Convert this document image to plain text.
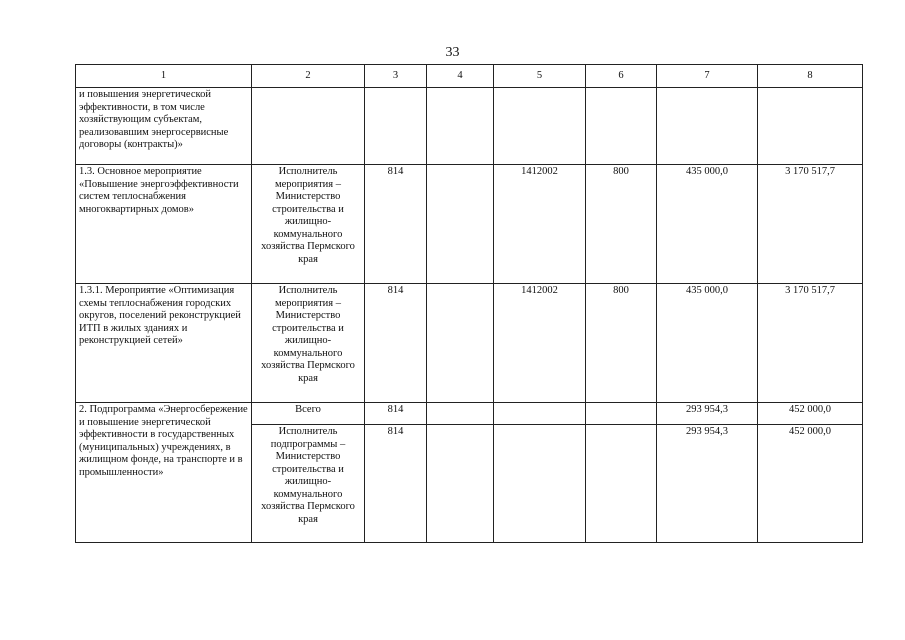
33
1	2	3	4	5	6	7	8
и повышения энергетической эффективности, в том числе хозяйствующим субъектам, реализовавшим энергосервисные договоры (контракты)»							
1.3. Основное мероприятие «Повышение энергоэффективности систем теплоснабжения многоквартирных домов»	Исполнитель мероприятия – Министерство строительства и жилищно-коммунального хозяйства Пермского края	814		1412002	800	435 000,0	3 170 517,7
1.3.1. Мероприятие «Оптимизация схемы теплоснабжения городских округов, поселений реконструкцией ИТП в жилых зданиях и реконструкцией сетей»	Исполнитель мероприятия – Министерство строительства и жилищно-коммунального хозяйства Пермского края	814		1412002	800	435 000,0	3 170 517,7
2. Подпрограмма «Энергосбережение и повышение энергетической эффективности в государственных (муниципальных) учреждениях, в жилищном фонде, на транспорте и в промышленности»	Всего	814				293 954,3	452 000,0
	Исполнитель подпрограммы – Министерство строительства и жилищно-коммунального хозяйства Пермского края	814				293 954,3	452 000,0
